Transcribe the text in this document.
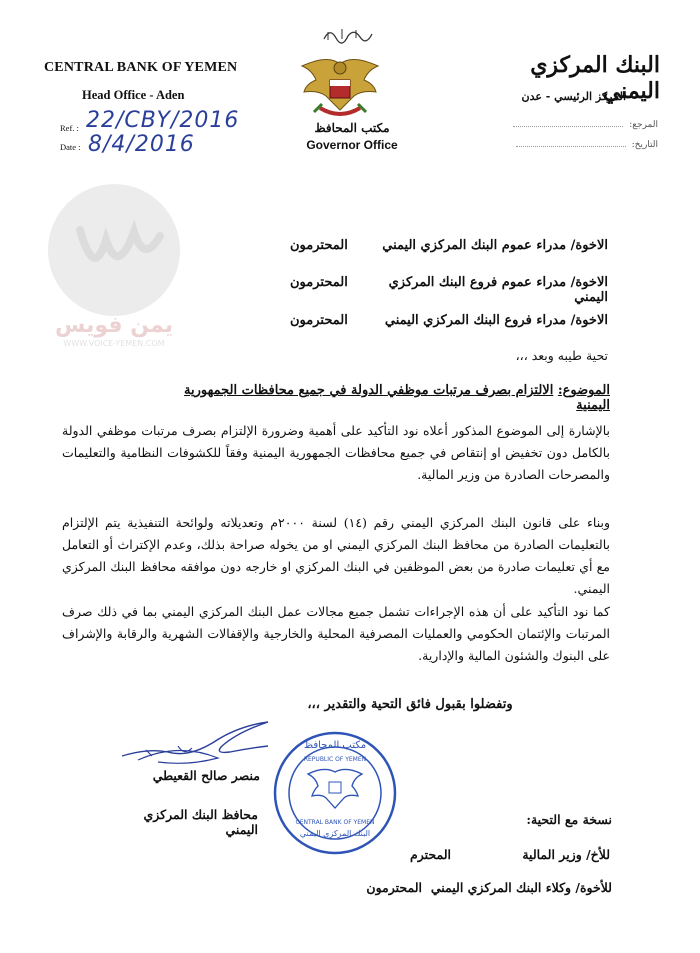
CENTRAL BANK OF YEMEN
Head Office - Aden
Ref. :
Date :
22/CBY/2016
8/4/2016
مكتب المحافظ
Governor Office
البنك المركزي اليمني
المركز الرئيسي - عدن
المرجع:
التاريخ:
يمن فويس
WWW.VOICE-YEMEN.COM
الاخوة/ مدراء عموم البنك المركزي اليمني
المحترمون
الاخوة/ مدراء عموم فروع البنك المركزي اليمني
المحترمون
الاخوة/ مدراء فروع البنك المركزي اليمني
المحترمون
تحية طيبه وبعد ،،،
الموضوع: الالتزام بصرف مرتبات موظفي الدولة في جميع محافظات الجمهورية اليمنية
بالإشارة إلى الموضوع المذكور أعلاه نود التأكيد على أهمية وضرورة الإلتزام بصرف مرتبات موظفي الدولة بالكامل دون تخفيض او إنتقاص في جميع محافظات الجمهورية اليمنية وفقاً للكشوفات النظامية والتعليمات والمصرحات الصادرة من وزير المالية.
وبناء على قانون البنك المركزي اليمني رقم (١٤) لسنة ٢٠٠٠م وتعديلاته ولوائحة التنفيذية يتم الإلتزام بالتعليمات الصادرة من محافظ البنك المركزي اليمني او من يخوله صراحة بذلك، وعدم الإكتراث أو التعامل مع أي تعليمات صادرة من بعض الموظفين في البنك المركزي او خارجه دون موافقه محافظ البنك المركزي اليمني.
كما نود التأكيد على أن هذه الإجراءات تشمل جميع مجالات عمل البنك المركزي اليمني بما في ذلك صرف المرتبات والإئتمان الحكومي والعمليات المصرفية المحلية والخارجية والإقفالات الشهرية والرقابة والإشراف على البنوك والشئون المالية والإدارية.
وتفضلوا بقبول فائق التحية والتقدير ،،،
مكتب المحافظ
REPUBLIC OF YEMEN
CENTRAL BANK OF YEMEN
البنك المركزي اليمني
منصر صالح القعيطي
محافظ البنك المركزي اليمني
نسخة مع التحية:
للأخ/ وزير المالية
المحترم
للأخوة/ وكلاء البنك المركزي اليمني
المحترمون
